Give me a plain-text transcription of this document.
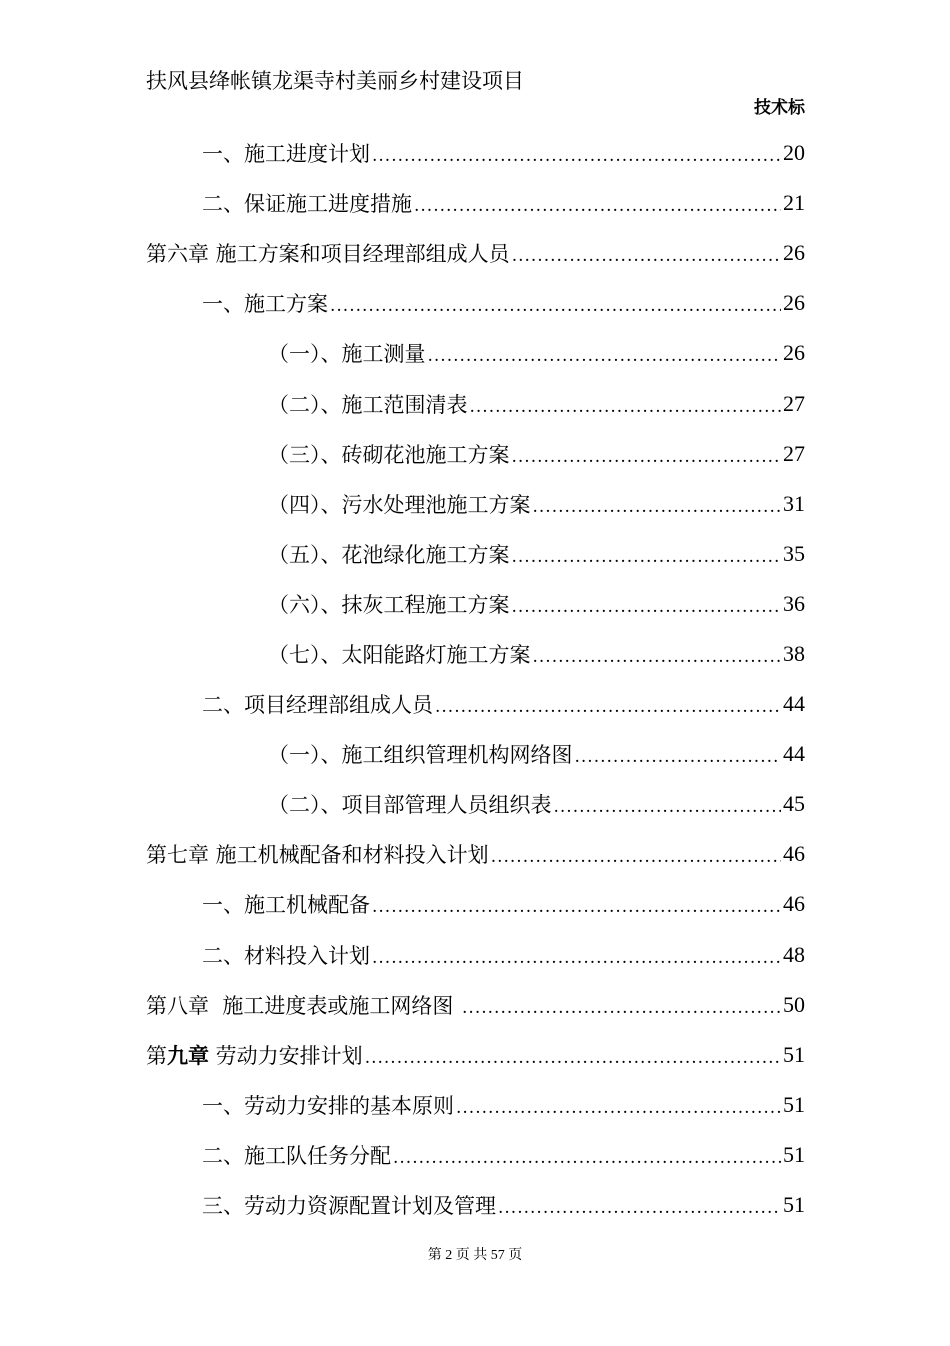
扶风县绛帐镇龙渠寺村美丽乡村建设项目
技术标
一、施工进度计划 .....	20
二、保证施工进度措施 .....	21
第六章 施工方案和项目经理部组成人员 .....	26
一、施工方案 .....	26
（一）、施工测量 .....	26
（二）、施工范围清表 .....	27
（三）、砖砌花池施工方案 .....	27
（四）、污水处理池施工方案 .....	31
（五）、花池绿化施工方案 .....	35
（六）、抹灰工程施工方案 .....	36
（七）、太阳能路灯施工方案 .....	38
二、项目经理部组成人员 .....	44
（一）、施工组织管理机构网络图 .....	44
（二）、项目部管理人员组织表 .....	45
第七章 施工机械配备和材料投入计划 .....	46
一、施工机械配备 .....	46
二、材料投入计划 .....	48
第八章  施工进度表或施工网络图 .....	50
第九章 劳动力安排计划 .....	51
一、劳动力安排的基本原则 .....	51
二、施工队任务分配 .....	51
三、劳动力资源配置计划及管理 .....	51
第 2 页 共 57 页
